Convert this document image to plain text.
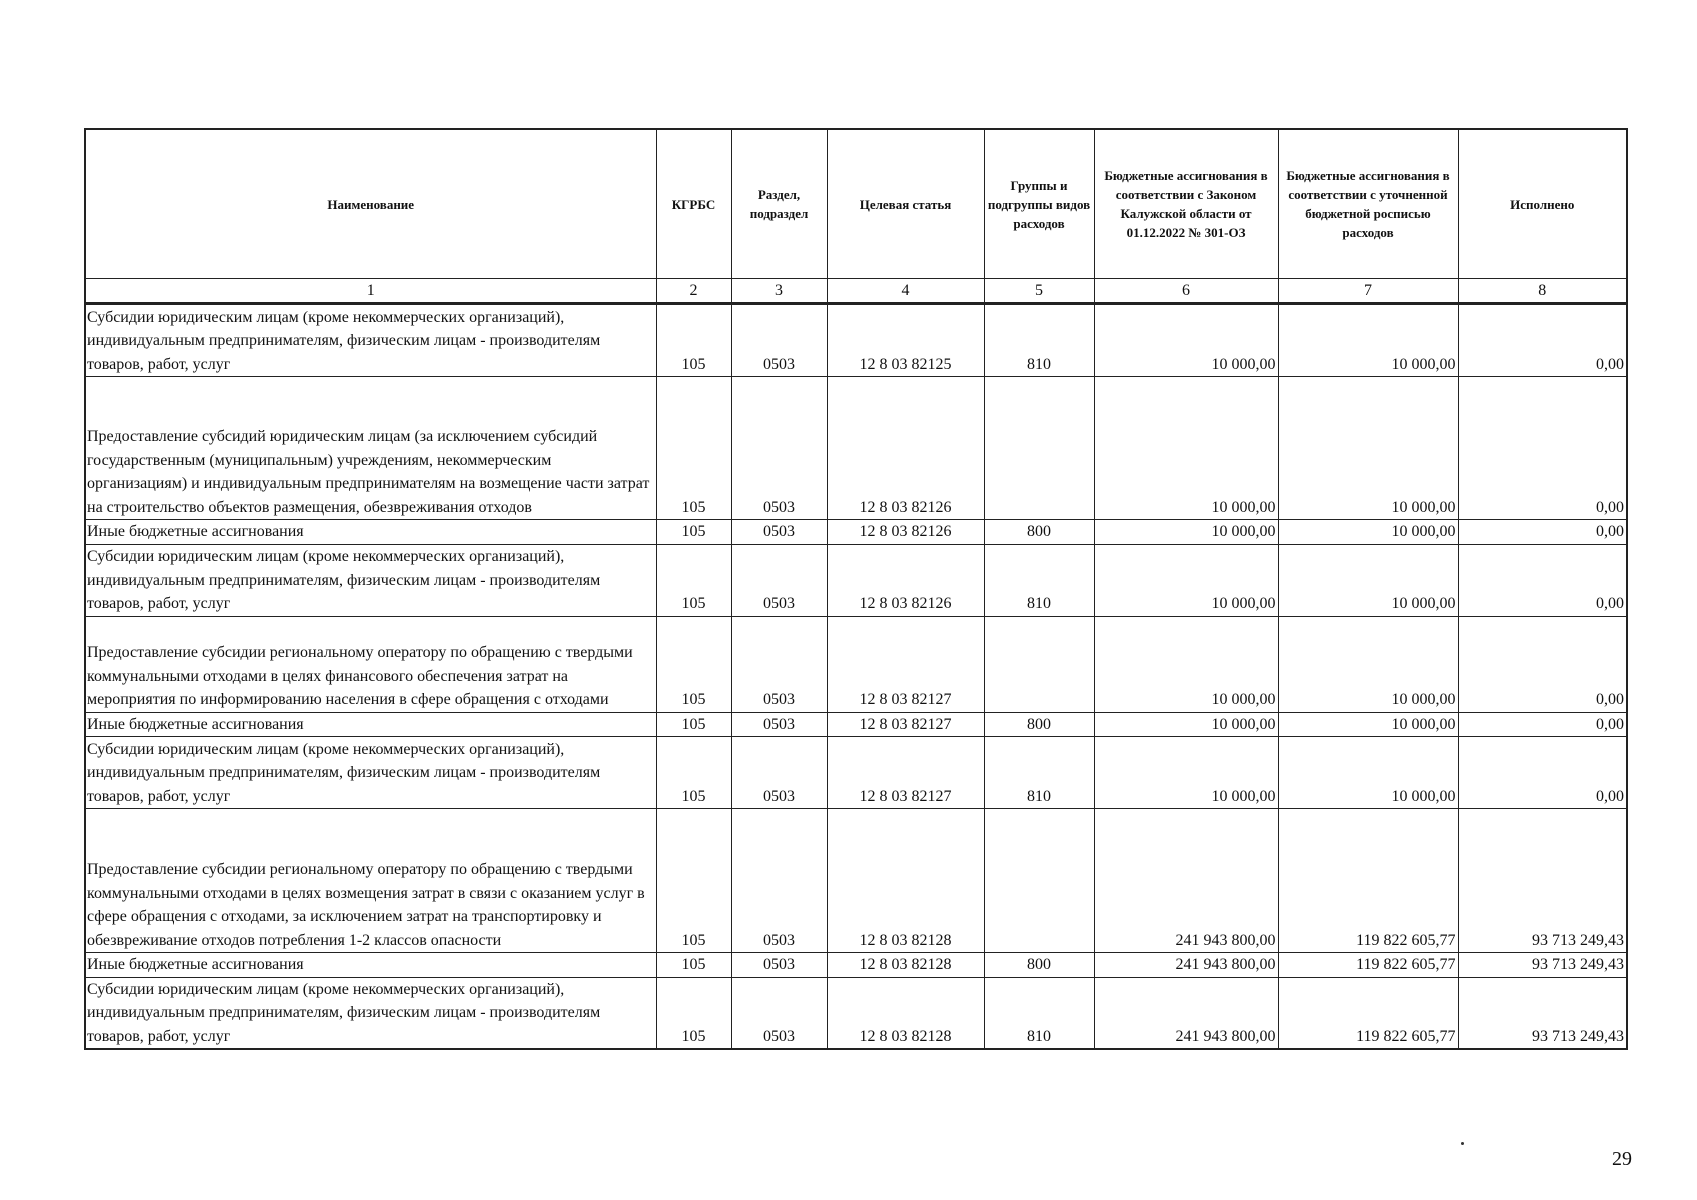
Наименование	КГРБС	Раздел, подраздел	Целевая статья	Группы и подгруппы видов расходов	Бюджетные ассигнования в соответствии с Законом Калужской области от 01.12.2022 № 301-ОЗ	Бюджетные ассигнования в соответствии с уточненной бюджетной росписью расходов	Исполнено
1	2	3	4	5	6	7	8
Субсидии юридическим лицам (кроме некоммерческих организаций), индивидуальным предпринимателям, физическим лицам - производителям товаров, работ, услуг	105	0503	12 8 03 82125	810	10 000,00	10 000,00	0,00
Предоставление субсидий юридическим лицам (за исключением субсидий государственным (муниципальным) учреждениям, некоммерческим организациям) и индивидуальным предпринимателям на возмещение части затрат на строительство объектов размещения, обезвреживания отходов	105	0503	12 8 03 82126		10 000,00	10 000,00	0,00
Иные бюджетные ассигнования	105	0503	12 8 03 82126	800	10 000,00	10 000,00	0,00
Субсидии юридическим лицам (кроме некоммерческих организаций), индивидуальным предпринимателям, физическим лицам - производителям товаров, работ, услуг	105	0503	12 8 03 82126	810	10 000,00	10 000,00	0,00
Предоставление субсидии региональному оператору по обращению с твердыми коммунальными отходами в целях финансового обеспечения затрат на мероприятия по информированию населения в сфере обращения с отходами	105	0503	12 8 03 82127		10 000,00	10 000,00	0,00
Иные бюджетные ассигнования	105	0503	12 8 03 82127	800	10 000,00	10 000,00	0,00
Субсидии юридическим лицам (кроме некоммерческих организаций), индивидуальным предпринимателям, физическим лицам - производителям товаров, работ, услуг	105	0503	12 8 03 82127	810	10 000,00	10 000,00	0,00
Предоставление субсидии региональному оператору по обращению с твердыми коммунальными отходами в целях возмещения затрат в связи с оказанием услуг в сфере обращения с отходами, за исключением затрат на транспортировку и обезвреживание отходов потребления 1-2 классов опасности	105	0503	12 8 03 82128		241 943 800,00	119 822 605,77	93 713 249,43
Иные бюджетные ассигнования	105	0503	12 8 03 82128	800	241 943 800,00	119 822 605,77	93 713 249,43
Субсидии юридическим лицам (кроме некоммерческих организаций), индивидуальным предпринимателям, физическим лицам - производителям товаров, работ, услуг	105	0503	12 8 03 82128	810	241 943 800,00	119 822 605,77	93 713 249,43
29
